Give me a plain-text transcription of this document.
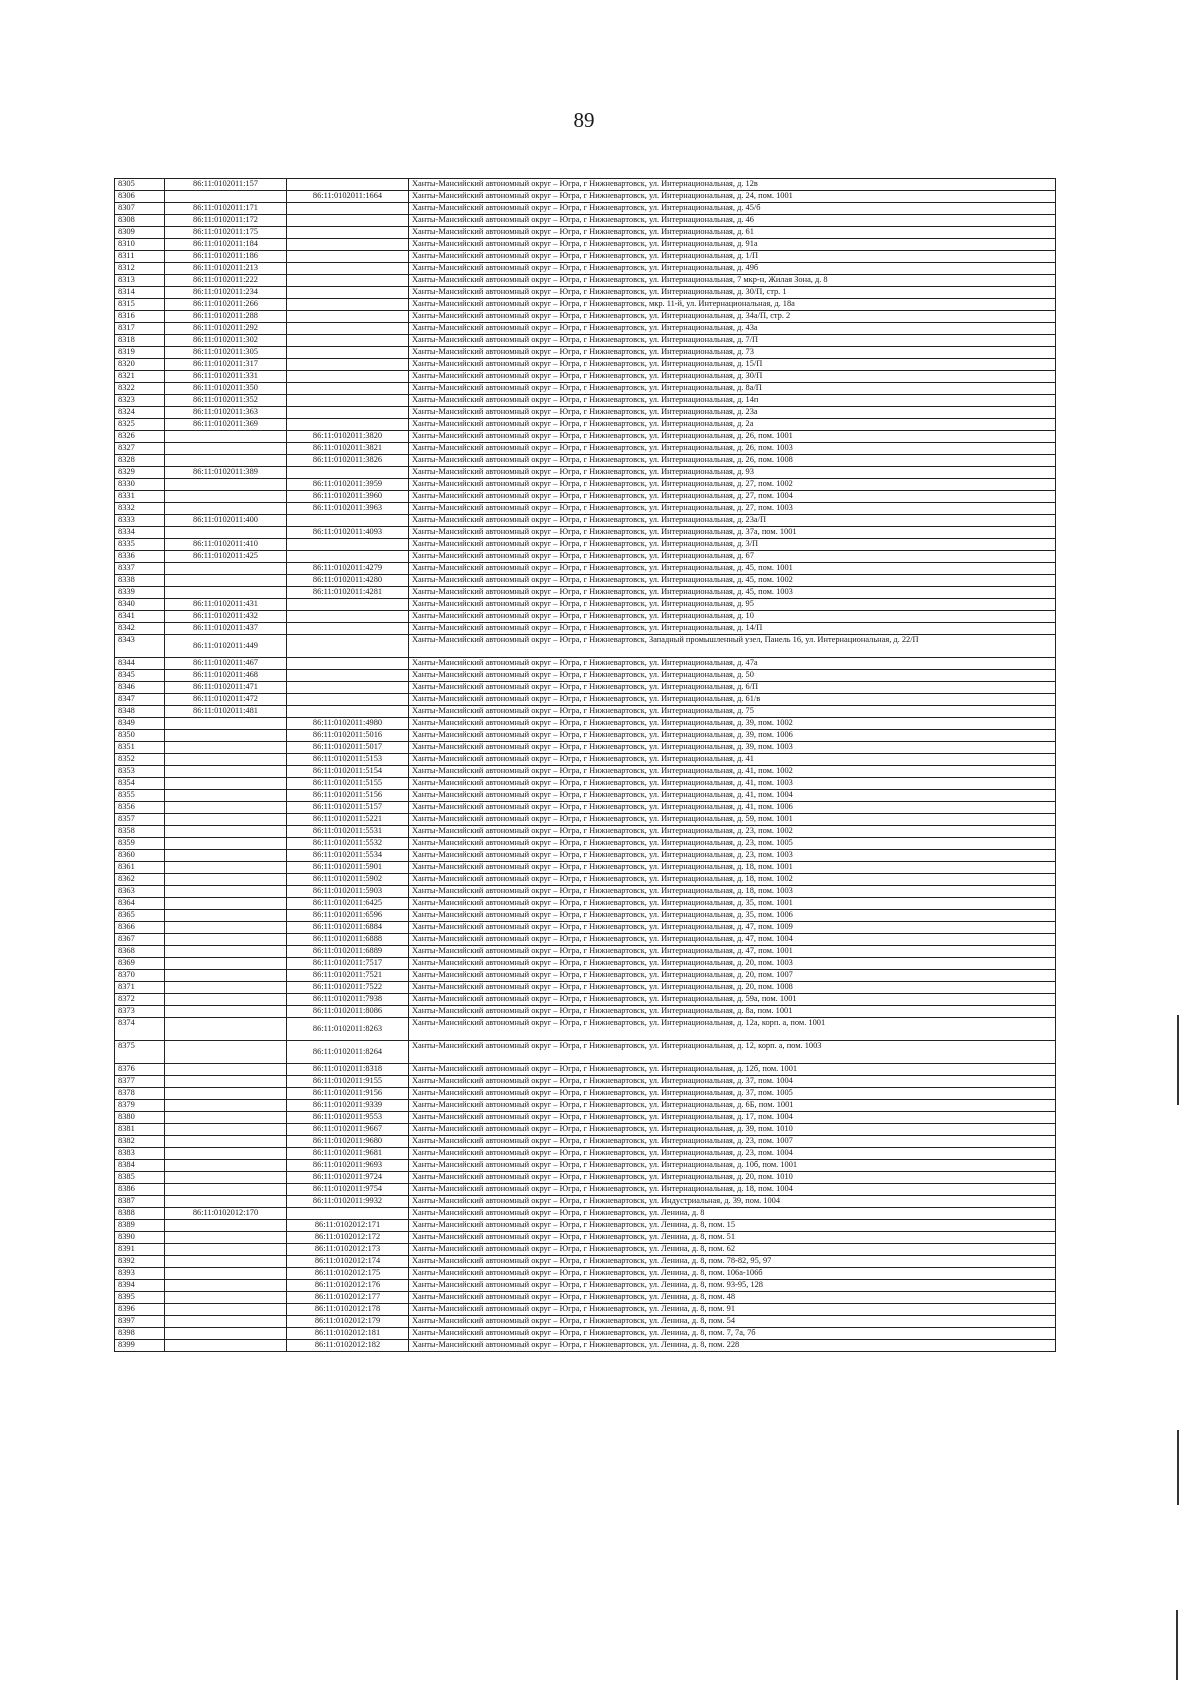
89
8305	86:11:0102011:157		Ханты-Мансийский автономный округ – Югра, г Нижневартовск, ул. Интернациональная, д. 12в
8306		86:11:0102011:1664	Ханты-Мансийский автономный округ – Югра, г Нижневартовск, ул. Интернациональная, д. 24, пом. 1001
8307	86:11:0102011:171		Ханты-Мансийский автономный округ – Югра, г Нижневартовск, ул. Интернациональная, д. 45/б
8308	86:11:0102011:172		Ханты-Мансийский автономный округ – Югра, г Нижневартовск, ул. Интернациональная, д. 46
8309	86:11:0102011:175		Ханты-Мансийский автономный округ – Югра, г Нижневартовск, ул. Интернациональная, д. 61
8310	86:11:0102011:184		Ханты-Мансийский автономный округ – Югра, г Нижневартовск, ул. Интернациональная, д. 91а
8311	86:11:0102011:186		Ханты-Мансийский автономный округ – Югра, г Нижневартовск, ул. Интернациональная, д. 1/П
8312	86:11:0102011:213		Ханты-Мансийский автономный округ – Югра, г Нижневартовск, ул. Интернациональная, д. 49б
8313	86:11:0102011:222		Ханты-Мансийский автономный округ – Югра, г Нижневартовск, ул. Интернациональная, 7 мкр-н, Жилая Зона, д. 8
8314	86:11:0102011:234		Ханты-Мансийский автономный округ – Югра, г Нижневартовск, ул. Интернациональная, д. 30/П, стр. 1
8315	86:11:0102011:266		Ханты-Мансийский автономный округ – Югра, г Нижневартовск, мкр. 11-й, ул. Интернациональная, д. 18а
8316	86:11:0102011:288		Ханты-Мансийский автономный округ – Югра, г Нижневартовск, ул. Интернациональная, д. 34а/П, стр. 2
8317	86:11:0102011:292		Ханты-Мансийский автономный округ – Югра, г Нижневартовск, ул. Интернациональная, д. 43а
8318	86:11:0102011:302		Ханты-Мансийский автономный округ – Югра, г Нижневартовск, ул. Интернациональная, д. 7/П
8319	86:11:0102011:305		Ханты-Мансийский автономный округ – Югра, г Нижневартовск, ул. Интернациональная, д. 73
8320	86:11:0102011:317		Ханты-Мансийский автономный округ – Югра, г Нижневартовск, ул. Интернациональная, д. 15/П
8321	86:11:0102011:331		Ханты-Мансийский автономный округ – Югра, г Нижневартовск, ул. Интернациональная, д. 30/П
8322	86:11:0102011:350		Ханты-Мансийский автономный округ – Югра, г Нижневартовск, ул. Интернациональная, д. 8а/П
8323	86:11:0102011:352		Ханты-Мансийский автономный округ – Югра, г Нижневартовск, ул. Интернациональная, д. 14п
8324	86:11:0102011:363		Ханты-Мансийский автономный округ – Югра, г Нижневартовск, ул. Интернациональная, д. 23а
8325	86:11:0102011:369		Ханты-Мансийский автономный округ – Югра, г Нижневартовск, ул. Интернациональная, д. 2а
8326		86:11:0102011:3820	Ханты-Мансийский автономный округ – Югра, г Нижневартовск, ул. Интернациональная, д. 26, пом. 1001
8327		86:11:0102011:3821	Ханты-Мансийский автономный округ – Югра, г Нижневартовск, ул. Интернациональная, д. 26, пом. 1003
8328		86:11:0102011:3826	Ханты-Мансийский автономный округ – Югра, г Нижневартовск, ул. Интернациональная, д. 26, пом. 1008
8329	86:11:0102011:389		Ханты-Мансийский автономный округ – Югра, г Нижневартовск, ул. Интернациональная, д. 93
8330		86:11:0102011:3959	Ханты-Мансийский автономный округ – Югра, г Нижневартовск, ул. Интернациональная, д. 27, пом. 1002
8331		86:11:0102011:3960	Ханты-Мансийский автономный округ – Югра, г Нижневартовск, ул. Интернациональная, д. 27, пом. 1004
8332		86:11:0102011:3963	Ханты-Мансийский автономный округ – Югра, г Нижневартовск, ул. Интернациональная, д. 27, пом. 1003
8333	86:11:0102011:400		Ханты-Мансийский автономный округ – Югра, г Нижневартовск, ул. Интернациональная, д. 23а/П
8334		86:11:0102011:4093	Ханты-Мансийский автономный округ – Югра, г Нижневартовск, ул. Интернациональная, д. 37а, пом. 1001
8335	86:11:0102011:410		Ханты-Мансийский автономный округ – Югра, г Нижневартовск, ул. Интернациональная, д. 3/П
8336	86:11:0102011:425		Ханты-Мансийский автономный округ – Югра, г Нижневартовск, ул. Интернациональная, д. 67
8337		86:11:0102011:4279	Ханты-Мансийский автономный округ – Югра, г Нижневартовск, ул. Интернациональная, д. 45, пом. 1001
8338		86:11:0102011:4280	Ханты-Мансийский автономный округ – Югра, г Нижневартовск, ул. Интернациональная, д. 45, пом. 1002
8339		86:11:0102011:4281	Ханты-Мансийский автономный округ – Югра, г Нижневартовск, ул. Интернациональная, д. 45, пом. 1003
8340	86:11:0102011:431		Ханты-Мансийский автономный округ – Югра, г Нижневартовск, ул. Интернациональная, д. 95
8341	86:11:0102011:432		Ханты-Мансийский автономный округ – Югра, г Нижневартовск, ул. Интернациональная, д. 10
8342	86:11:0102011:437		Ханты-Мансийский автономный округ – Югра, г Нижневартовск, ул. Интернациональная, д. 14/П
8343	86:11:0102011:449		Ханты-Мансийский автономный округ – Югра, г Нижневартовск, Западный промышленный узел, Панель 16, ул. Интернациональная, д. 22/П
8344	86:11:0102011:467		Ханты-Мансийский автономный округ – Югра, г Нижневартовск, ул. Интернациональная, д. 47а
8345	86:11:0102011:468		Ханты-Мансийский автономный округ – Югра, г Нижневартовск, ул. Интернациональная, д. 50
8346	86:11:0102011:471		Ханты-Мансийский автономный округ – Югра, г Нижневартовск, ул. Интернациональная, д. 6/П
8347	86:11:0102011:472		Ханты-Мансийский автономный округ – Югра, г Нижневартовск, ул. Интернациональная, д. 61/в
8348	86:11:0102011:481		Ханты-Мансийский автономный округ – Югра, г Нижневартовск, ул. Интернациональная, д. 75
8349		86:11:0102011:4980	Ханты-Мансийский автономный округ – Югра, г Нижневартовск, ул. Интернациональная, д. 39, пом. 1002
8350		86:11:0102011:5016	Ханты-Мансийский автономный округ – Югра, г Нижневартовск, ул. Интернациональная, д. 39, пом. 1006
8351		86:11:0102011:5017	Ханты-Мансийский автономный округ – Югра, г Нижневартовск, ул. Интернациональная, д. 39, пом. 1003
8352		86:11:0102011:5153	Ханты-Мансийский автономный округ – Югра, г Нижневартовск, ул. Интернациональная, д. 41
8353		86:11:0102011:5154	Ханты-Мансийский автономный округ – Югра, г Нижневартовск, ул. Интернациональная, д. 41, пом. 1002
8354		86:11:0102011:5155	Ханты-Мансийский автономный округ – Югра, г Нижневартовск, ул. Интернациональная, д. 41, пом. 1003
8355		86:11:0102011:5156	Ханты-Мансийский автономный округ – Югра, г Нижневартовск, ул. Интернациональная, д. 41, пом. 1004
8356		86:11:0102011:5157	Ханты-Мансийский автономный округ – Югра, г Нижневартовск, ул. Интернациональная, д. 41, пом. 1006
8357		86:11:0102011:5221	Ханты-Мансийский автономный округ – Югра, г Нижневартовск, ул. Интернациональная, д. 59, пом. 1001
8358		86:11:0102011:5531	Ханты-Мансийский автономный округ – Югра, г Нижневартовск, ул. Интернациональная, д. 23, пом. 1002
8359		86:11:0102011:5532	Ханты-Мансийский автономный округ – Югра, г Нижневартовск, ул. Интернациональная, д. 23, пом. 1005
8360		86:11:0102011:5534	Ханты-Мансийский автономный округ – Югра, г Нижневартовск, ул. Интернациональная, д. 23, пом. 1003
8361		86:11:0102011:5901	Ханты-Мансийский автономный округ – Югра, г Нижневартовск, ул. Интернациональная, д. 18, пом. 1001
8362		86:11:0102011:5902	Ханты-Мансийский автономный округ – Югра, г Нижневартовск, ул. Интернациональная, д. 18, пом. 1002
8363		86:11:0102011:5903	Ханты-Мансийский автономный округ – Югра, г Нижневартовск, ул. Интернациональная, д. 18, пом. 1003
8364		86:11:0102011:6425	Ханты-Мансийский автономный округ – Югра, г Нижневартовск, ул. Интернациональная, д. 35, пом. 1001
8365		86:11:0102011:6596	Ханты-Мансийский автономный округ – Югра, г Нижневартовск, ул. Интернациональная, д. 35, пом. 1006
8366		86:11:0102011:6884	Ханты-Мансийский автономный округ – Югра, г Нижневартовск, ул. Интернациональная, д. 47, пом. 1009
8367		86:11:0102011:6888	Ханты-Мансийский автономный округ – Югра, г Нижневартовск, ул. Интернациональная, д. 47, пом. 1004
8368		86:11:0102011:6889	Ханты-Мансийский автономный округ – Югра, г Нижневартовск, ул. Интернациональная, д. 47, пом. 1001
8369		86:11:0102011:7517	Ханты-Мансийский автономный округ – Югра, г Нижневартовск, ул. Интернациональная, д. 20, пом. 1003
8370		86:11:0102011:7521	Ханты-Мансийский автономный округ – Югра, г Нижневартовск, ул. Интернациональная, д. 20, пом. 1007
8371		86:11:0102011:7522	Ханты-Мансийский автономный округ – Югра, г Нижневартовск, ул. Интернациональная, д. 20, пом. 1008
8372		86:11:0102011:7938	Ханты-Мансийский автономный округ – Югра, г Нижневартовск, ул. Интернациональная, д. 59а, пом. 1001
8373		86:11:0102011:8086	Ханты-Мансийский автономный округ – Югра, г Нижневартовск, ул. Интернациональная, д. 8а, пом. 1001
8374		86:11:0102011:8263	Ханты-Мансийский автономный округ – Югра, г Нижневартовск, ул. Интернациональная, д. 12а, корп. а, пом. 1001
8375		86:11:0102011:8264	Ханты-Мансийский автономный округ – Югра, г Нижневартовск, ул. Интернациональная, д. 12, корп. а, пом. 1003
8376		86:11:0102011:8318	Ханты-Мансийский автономный округ – Югра, г Нижневартовск, ул. Интернациональная, д. 12б, пом. 1001
8377		86:11:0102011:9155	Ханты-Мансийский автономный округ – Югра, г Нижневартовск, ул. Интернациональная, д. 37, пом. 1004
8378		86:11:0102011:9156	Ханты-Мансийский автономный округ – Югра, г Нижневартовск, ул. Интернациональная, д. 37, пом. 1005
8379		86:11:0102011:9339	Ханты-Мансийский автономный округ – Югра, г Нижневартовск, ул. Интернациональная, д. 6Б, пом. 1001
8380		86:11:0102011:9553	Ханты-Мансийский автономный округ – Югра, г Нижневартовск, ул. Интернациональная, д. 17, пом. 1004
8381		86:11:0102011:9667	Ханты-Мансийский автономный округ – Югра, г Нижневартовск, ул. Интернациональная, д. 39, пом. 1010
8382		86:11:0102011:9680	Ханты-Мансийский автономный округ – Югра, г Нижневартовск, ул. Интернациональная, д. 23, пом. 1007
8383		86:11:0102011:9681	Ханты-Мансийский автономный округ – Югра, г Нижневартовск, ул. Интернациональная, д. 23, пом. 1004
8384		86:11:0102011:9693	Ханты-Мансийский автономный округ – Югра, г Нижневартовск, ул. Интернациональная, д. 10б, пом. 1001
8385		86:11:0102011:9724	Ханты-Мансийский автономный округ – Югра, г Нижневартовск, ул. Интернациональная, д. 20, пом. 1010
8386		86:11:0102011:9754	Ханты-Мансийский автономный округ – Югра, г Нижневартовск, ул. Интернациональная, д. 18, пом. 1004
8387		86:11:0102011:9932	Ханты-Мансийский автономный округ – Югра, г Нижневартовск, ул. Индустриальная, д. 39, пом. 1004
8388	86:11:0102012:170		Ханты-Мансийский автономный округ – Югра, г Нижневартовск, ул. Ленина, д. 8
8389		86:11:0102012:171	Ханты-Мансийский автономный округ – Югра, г Нижневартовск, ул. Ленина, д. 8, пом. 15
8390		86:11:0102012:172	Ханты-Мансийский автономный округ – Югра, г Нижневартовск, ул. Ленина, д. 8, пом. 51
8391		86:11:0102012:173	Ханты-Мансийский автономный округ – Югра, г Нижневартовск, ул. Ленина, д. 8, пом. 62
8392		86:11:0102012:174	Ханты-Мансийский автономный округ – Югра, г Нижневартовск, ул. Ленина, д. 8, пом. 78-82, 95, 97
8393		86:11:0102012:175	Ханты-Мансийский автономный округ – Югра, г Нижневартовск, ул. Ленина, д. 8, пом. 106а-106б
8394		86:11:0102012:176	Ханты-Мансийский автономный округ – Югра, г Нижневартовск, ул. Ленина, д. 8, пом. 93-95, 128
8395		86:11:0102012:177	Ханты-Мансийский автономный округ – Югра, г Нижневартовск, ул. Ленина, д. 8, пом. 48
8396		86:11:0102012:178	Ханты-Мансийский автономный округ – Югра, г Нижневартовск, ул. Ленина, д. 8, пом. 91
8397		86:11:0102012:179	Ханты-Мансийский автономный округ – Югра, г Нижневартовск, ул. Ленина, д. 8, пом. 54
8398		86:11:0102012:181	Ханты-Мансийский автономный округ – Югра, г Нижневартовск, ул. Ленина, д. 8, пом. 7, 7а, 7б
8399		86:11:0102012:182	Ханты-Мансийский автономный округ – Югра, г Нижневартовск, ул. Ленина, д. 8, пом. 228
